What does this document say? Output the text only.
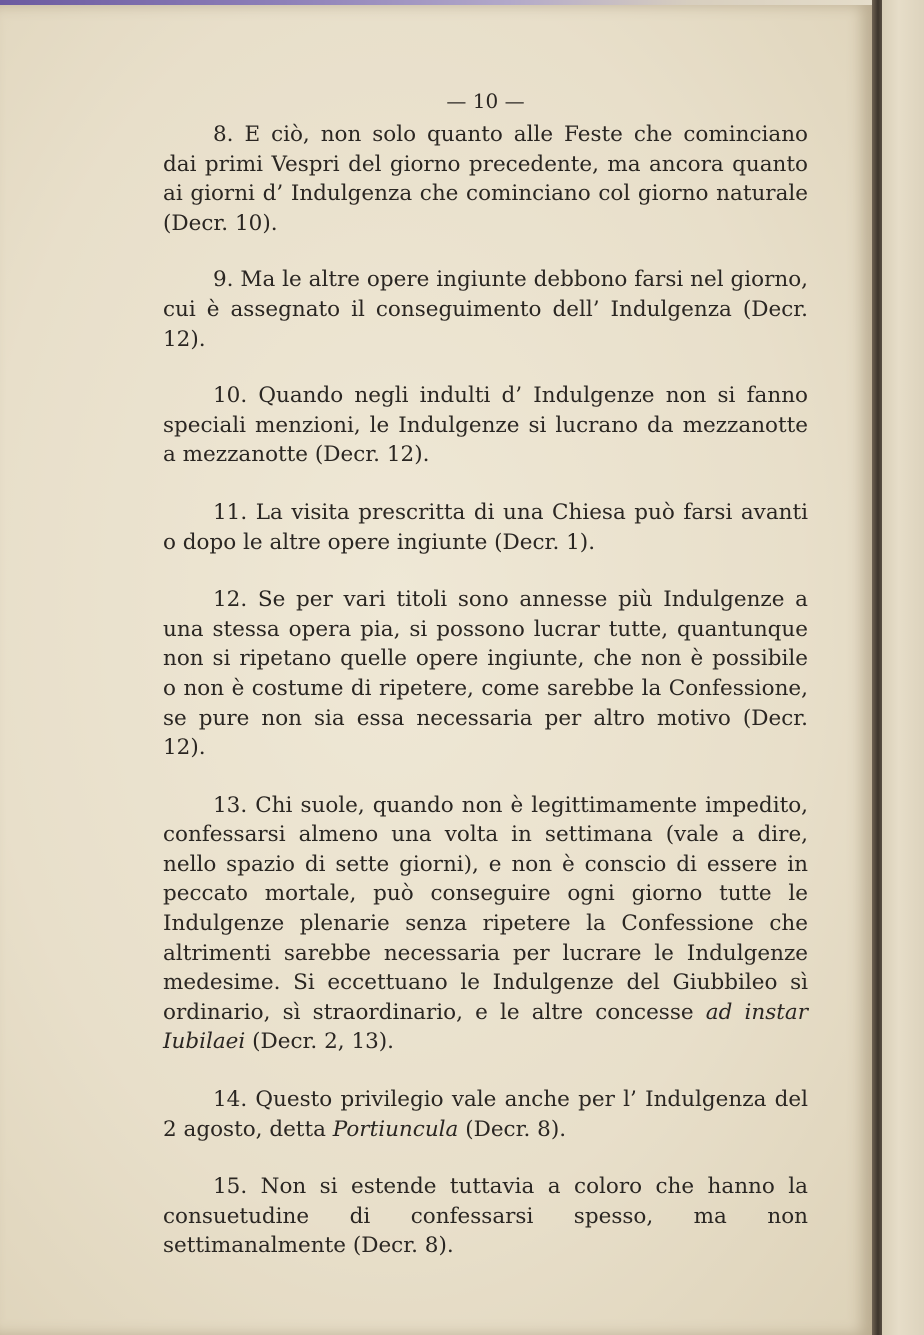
— 10 —

8. E ciò, non solo quanto alle Feste che cominciano dai primi Vespri del giorno precedente, ma ancora quanto ai giorni d’ Indulgenza che cominciano col giorno naturale (Decr. 10).

9. Ma le altre opere ingiunte debbono farsi nel giorno, cui è assegnato il conseguimento dell’ Indulgenza (Decr. 12).

10. Quando negli indulti d’ Indulgenze non si fanno speciali menzioni, le Indulgenze si lucrano da mezzanotte a mezzanotte (Decr. 12).

11. La visita prescritta di una Chiesa può farsi avanti o dopo le altre opere ingiunte (Decr. 1).

12. Se per vari titoli sono annesse più Indulgenze a una stessa opera pia, si possono lucrar tutte, quantunque non si ripetano quelle opere ingiunte, che non è possibile o non è costume di ripetere, come sarebbe la Confessione, se pure non sia essa necessaria per altro motivo (Decr. 12).

13. Chi suole, quando non è legittimamente impedito, confessarsi almeno una volta in settimana (vale a dire, nello spazio di sette giorni), e non è conscio di essere in peccato mortale, può conseguire ogni giorno tutte le Indulgenze plenarie senza ripetere la Confessione che altrimenti sarebbe necessaria per lucrare le Indulgenze medesime. Si eccettuano le Indulgenze del Giubbileo sì ordinario, sì straordinario, e le altre concesse ad instar Iubilaei (Decr. 2, 13).

14. Questo privilegio vale anche per l’ Indulgenza del 2 agosto, detta Portiuncula (Decr. 8).

15. Non si estende tuttavia a coloro che hanno la consuetudine di confessarsi spesso, ma non settimanalmente (Decr. 8).
